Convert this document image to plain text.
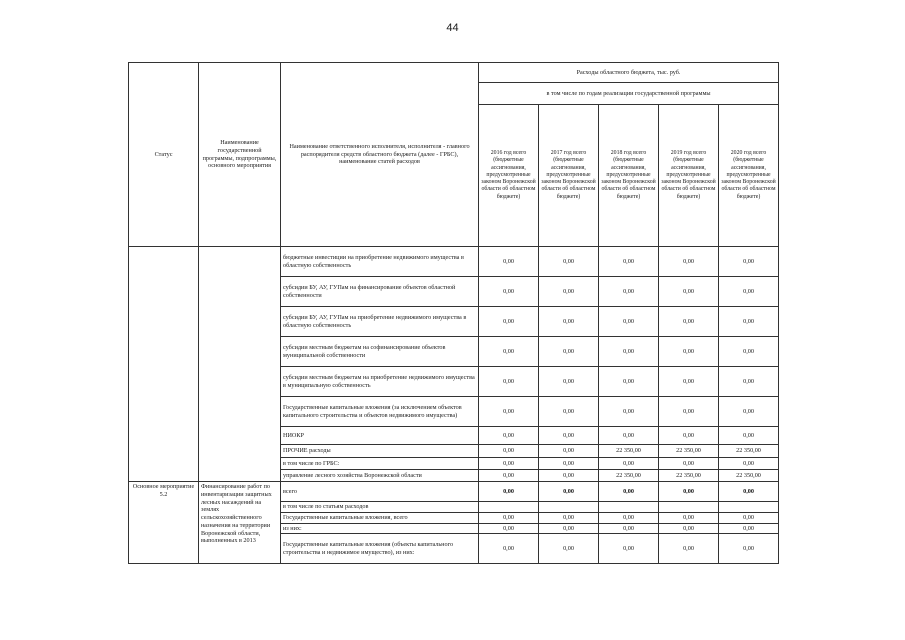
44
Статус	Наименование государственной программы, подпрограммы, основного мероприятия	Наименование ответственного исполнителя, исполнителя - главного распорядителя средств областного бюджета (далее - ГРБС), наименование статей расходов	Расходы областного бюджета, тыс. руб.				
			в том числе по годам реализации государственной программы				
			2016 год всего (бюджетные ассигнования, предусмотренные законом Воронежской области об областном бюджете)	2017 год всего (бюджетные ассигнования, предусмотренные законом Воронежской области об областном бюджете)	2018 год всего (бюджетные ассигнования, предусмотренные законом Воронежской области об областном бюджете)	2019 год всего (бюджетные ассигнования, предусмотренные законом Воронежской области об областном бюджете)	2020 год всего (бюджетные ассигнования, предусмотренные законом Воронежской области об областном бюджете)
		бюджетные инвестиции на приобретение недвижимого имущества в областную собственность	0,00	0,00	0,00	0,00	0,00
		субсидии БУ, АУ, ГУПам на финансирование объектов областной собственности	0,00	0,00	0,00	0,00	0,00
		субсидии БУ, АУ, ГУПам на приобретение недвижимого имущества в областную собственность	0,00	0,00	0,00	0,00	0,00
		субсидии местным бюджетам на софинансирование объектов муниципальной собственности	0,00	0,00	0,00	0,00	0,00
		субсидии местным бюджетам на приобретение недвижимого имущества в муниципальную собственность	0,00	0,00	0,00	0,00	0,00
		Государственные капитальные вложения (за исключением объектов капитального строительства и объектов недвижимого имущества)	0,00	0,00	0,00	0,00	0,00
		НИОКР	0,00	0,00	0,00	0,00	0,00
		ПРОЧИЕ расходы	0,00	0,00	22 350,00	22 350,00	22 350,00
		в том числе по ГРБС:	0,00	0,00	0,00	0,00	0,00
		управление лесного хозяйства Воронежской области	0,00	0,00	22 350,00	22 350,00	22 350,00
Основное мероприятие 5.2	Финансирование работ по инвентаризации защитных лесных насаждений на землях сельскохозяйственного назначения на территории Воронежской области, выполненных в 2013	всего	0,00	0,00	0,00	0,00	0,00
		в том числе по статьям расходов					
		Государственные капитальные вложения, всего	0,00	0,00	0,00	0,00	0,00
		из них:	0,00	0,00	0,00	0,00	0,00
		Государственные капитальные вложения (объекты капитального строительства и недвижимое имущество), из них:	0,00	0,00	0,00	0,00	0,00
